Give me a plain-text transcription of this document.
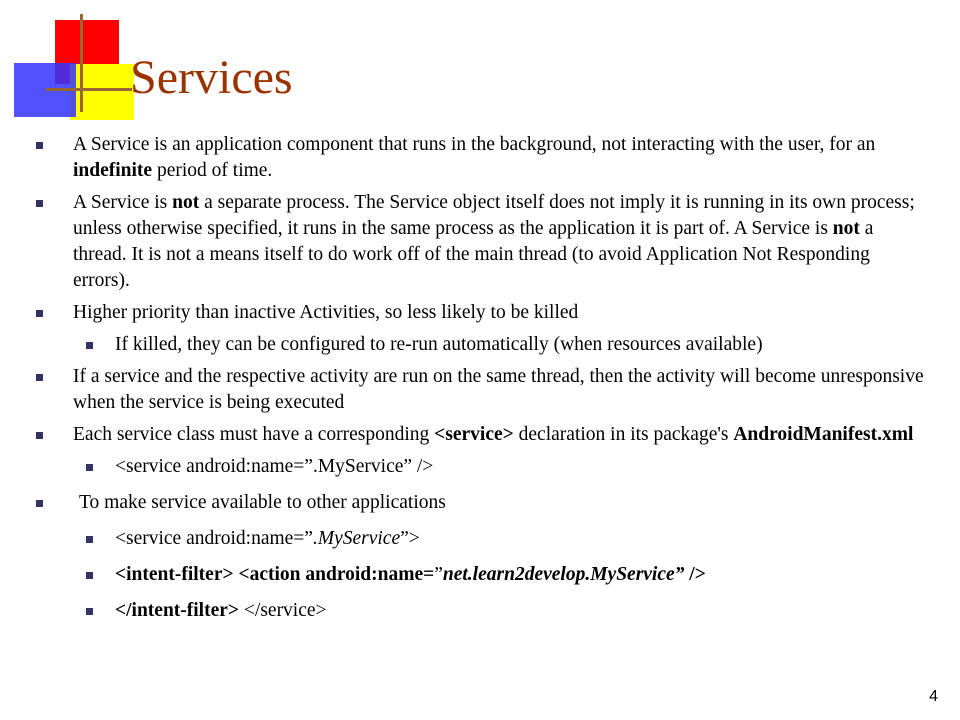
Services
A Service is an application component that runs in the background, not interacting with the user, for an indefinite period of time.
A Service is not a separate process. The Service object itself does not imply it is running in its own process; unless otherwise specified, it runs in the same process as the application it is part of. A Service is not a thread. It is not a means itself to do work off of the main thread (to avoid Application Not Responding errors).
Higher priority than inactive Activities, so less likely to be killed
If killed, they can be configured to re-run automatically (when resources available)
If a service and the respective activity are run on the same thread, then the activity will become unresponsive when the service is being executed
Each service class must have a corresponding <service> declaration in its package's AndroidManifest.xml
<service android:name=”.MyService” />
To make service available to other applications
<service android:name=”.MyService”>
<intent-filter> <action android:name=”net.learn2develop.MyService” />
</intent-filter> </service>
4
